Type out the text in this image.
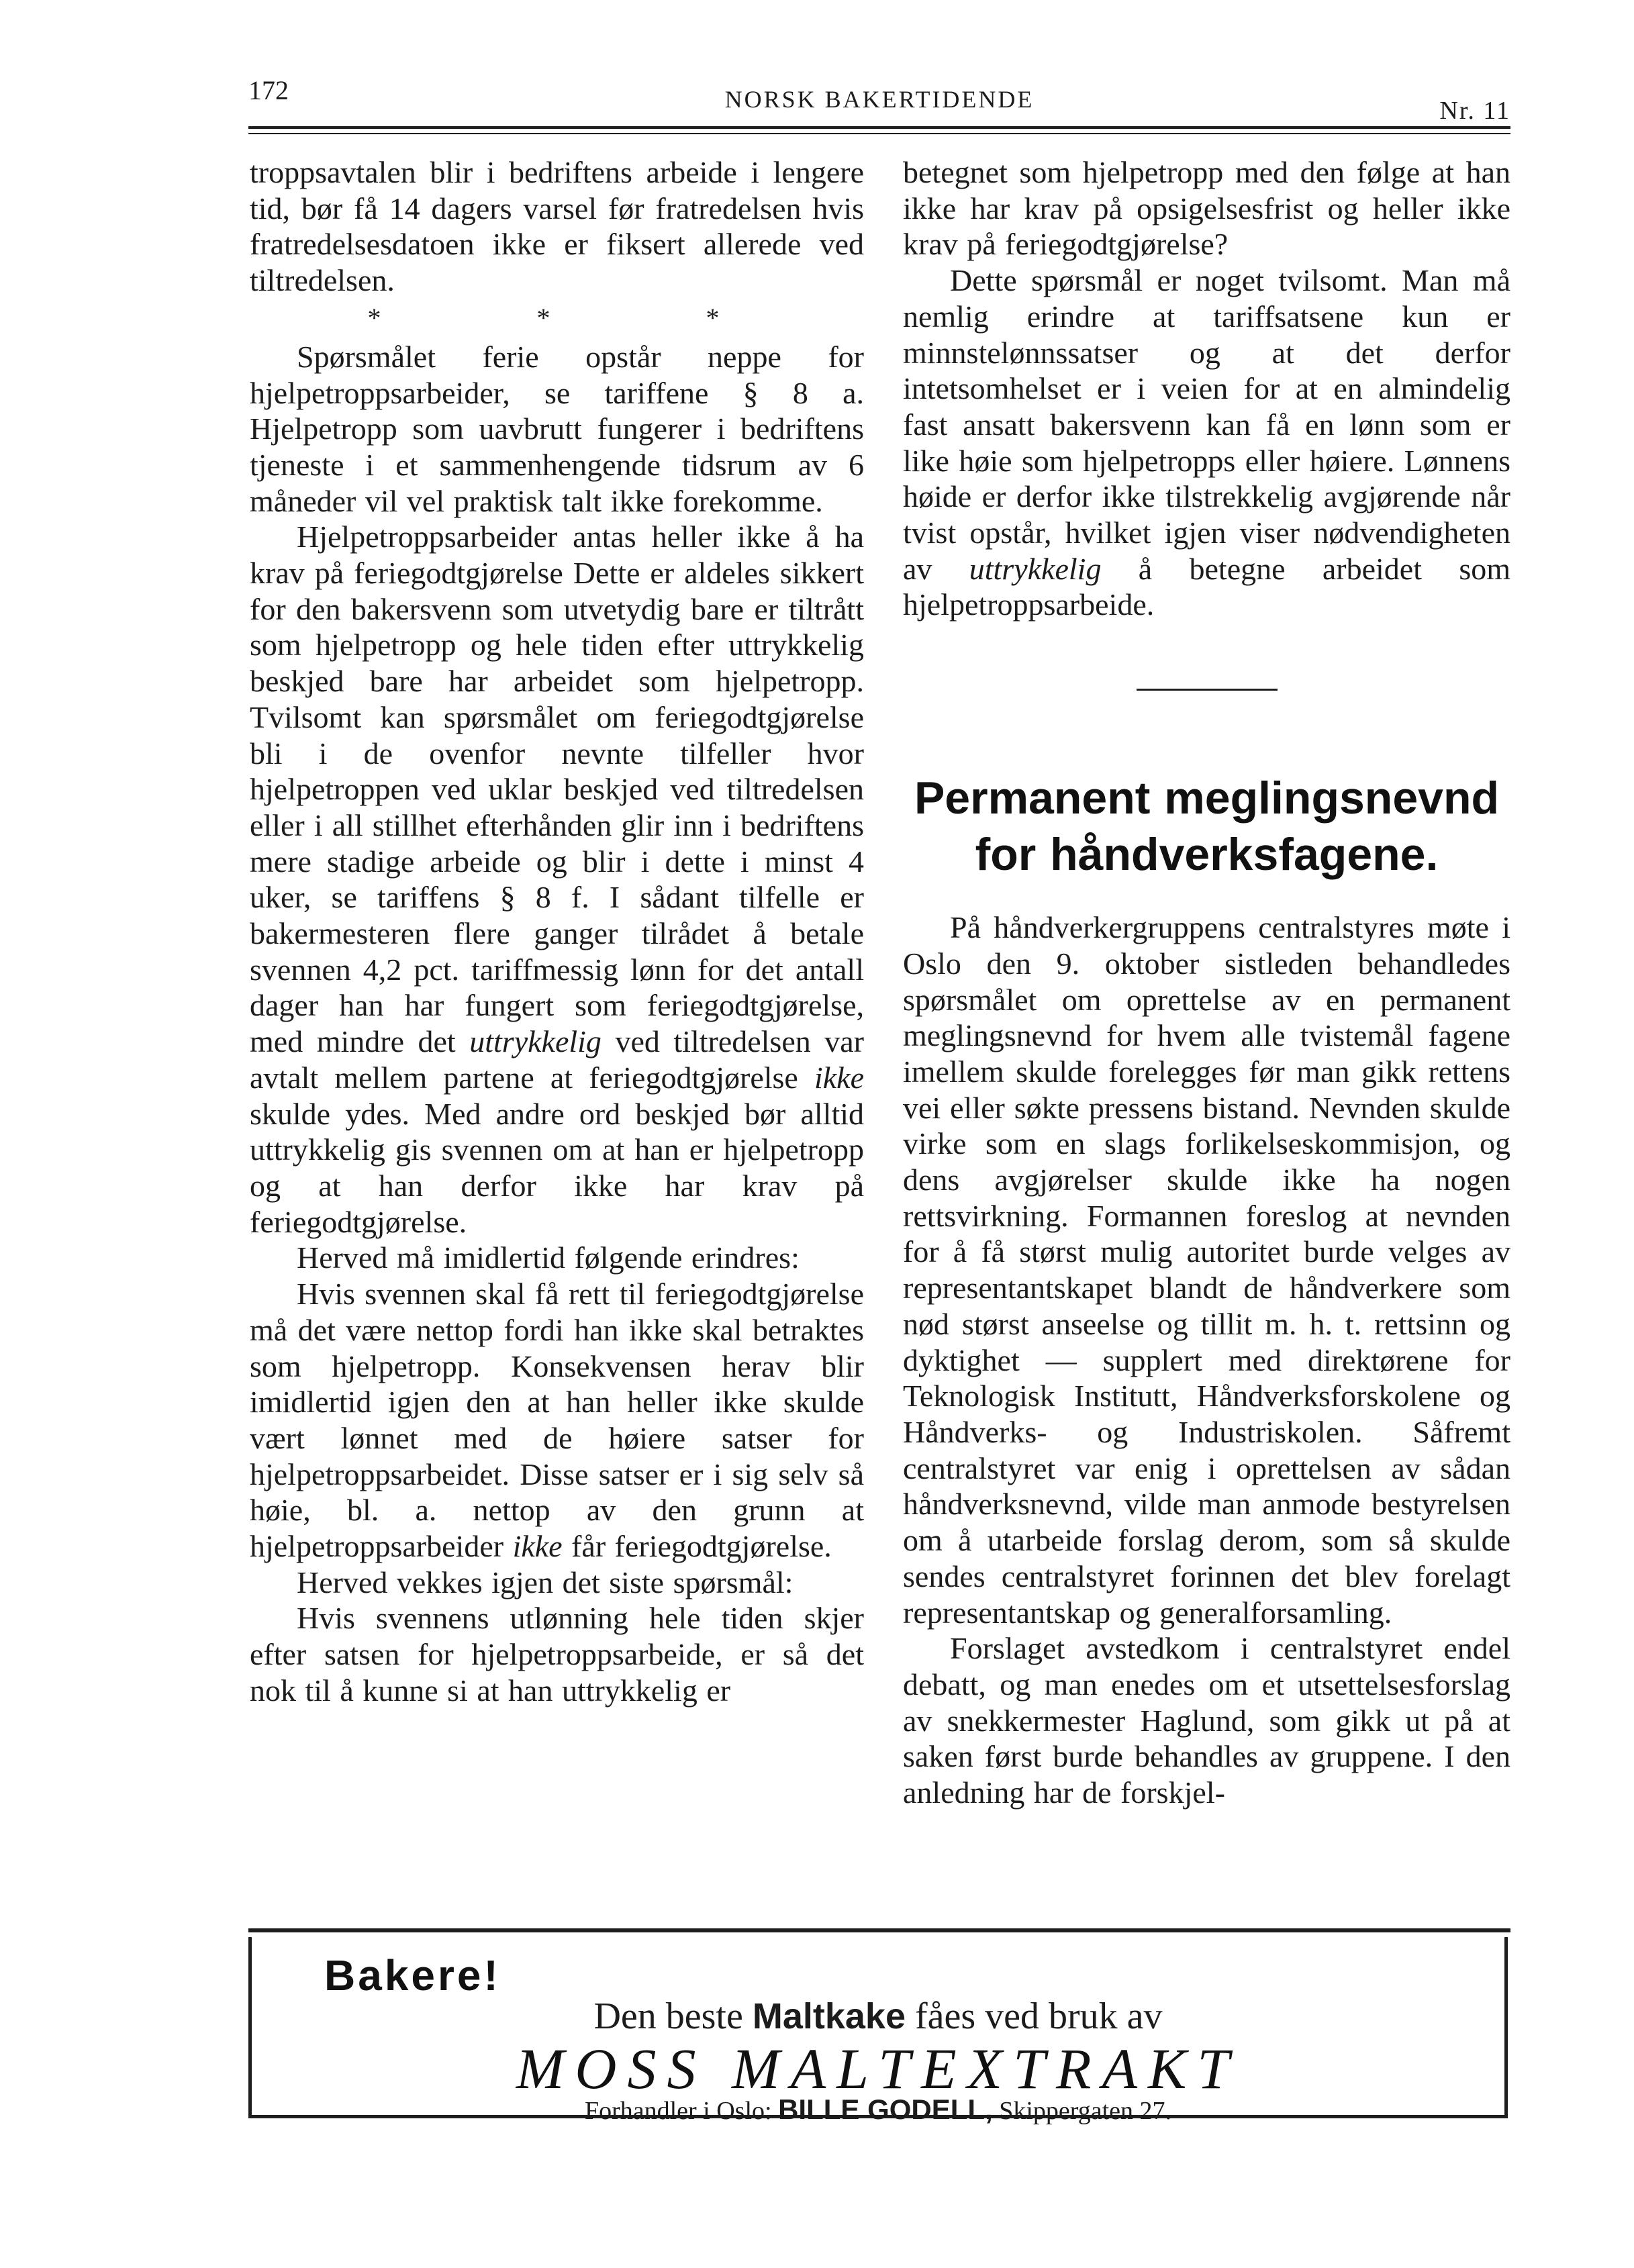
172	NORSK BAKERTIDENDE	Nr. 11

troppsavtalen blir i bedriftens arbeide i lengere tid, bør få 14 dagers varsel før fratredelsen hvis fratredelsesdatoen ikke er fiksert allerede ved tiltredelsen.

* * *

Spørsmålet ferie opstår neppe for hjelpetroppsarbeider, se tariffene § 8 a. Hjelpetropp som uavbrutt fungerer i bedriftens tjeneste i et sammenhengende tidsrum av 6 måneder vil vel praktisk talt ikke forekomme.

Hjelpetroppsarbeider antas heller ikke å ha krav på feriegodtgjørelse Dette er aldeles sikkert for den bakersvenn som utvetydig bare er tiltrått som hjelpetropp og hele tiden efter uttrykkelig beskjed bare har arbeidet som hjelpetropp. Tvilsomt kan spørsmålet om feriegodtgjørelse bli i de ovenfor nevnte tilfeller hvor hjelpetroppen ved uklar beskjed ved tiltredelsen eller i all stillhet efterhånden glir inn i bedriftens mere stadige arbeide og blir i dette i minst 4 uker, se tariffens § 8 f. I sådant tilfelle er bakermesteren flere ganger tilrådet å betale svennen 4,2 pct. tariffmessig lønn for det antall dager han har fungert som feriegodtgjørelse, med mindre det uttrykkelig ved tiltredelsen var avtalt mellem partene at feriegodtgjørelse ikke skulde ydes. Med andre ord beskjed bør alltid uttrykkelig gis svennen om at han er hjelpetropp og at han derfor ikke har krav på feriegodtgjørelse.

Herved må imidlertid følgende erindres:

Hvis svennen skal få rett til feriegodtgjørelse må det være nettop fordi han ikke skal betraktes som hjelpetropp. Konsekvensen herav blir imidlertid igjen den at han heller ikke skulde vært lønnet med de høiere satser for hjelpetroppsarbeidet. Disse satser er i sig selv så høie, bl. a. nettop av den grunn at hjelpetroppsarbeider ikke får feriegodtgjørelse.

Herved vekkes igjen det siste spørsmål:

Hvis svennens utlønning hele tiden skjer efter satsen for hjelpetroppsarbeide, er så det nok til å kunne si at han uttrykkelig er

betegnet som hjelpetropp med den følge at han ikke har krav på opsigelsesfrist og heller ikke krav på feriegodtgjørelse?

Dette spørsmål er noget tvilsomt. Man må nemlig erindre at tariffsatsene kun er minnstelønnssatser og at det derfor intetsomhelset er i veien for at en almindelig fast ansatt bakersvenn kan få en lønn som er like høie som hjelpetropps eller høiere. Lønnens høide er derfor ikke tilstrekkelig avgjørende når tvist opstår, hvilket igjen viser nødvendigheten av uttrykkelig å betegne arbeidet som hjelpetroppsarbeide.

Permanent meglingsnevnd for håndverksfagene.

På håndverkergruppens centralstyres møte i Oslo den 9. oktober sistleden behandledes spørsmålet om oprettelse av en permanent meglingsnevnd for hvem alle tvistemål fagene imellem skulde forelegges før man gikk rettens vei eller søkte pressens bistand. Nevnden skulde virke som en slags forlikelseskommisjon, og dens avgjørelser skulde ikke ha nogen rettsvirkning. Formannen foreslog at nevnden for å få størst mulig autoritet burde velges av representantskapet blandt de håndverkere som nød størst anseelse og tillit m. h. t. rettsinn og dyktighet — supplert med direktørene for Teknologisk Institutt, Håndverksforskolene og Håndverks- og Industriskolen. Såfremt centralstyret var enig i oprettelsen av sådan håndverksnevnd, vilde man anmode bestyrelsen om å utarbeide forslag derom, som så skulde sendes centralstyret forinnen det blev forelagt representantskap og generalforsamling.

Forslaget avstedkom i centralstyret endel debatt, og man enedes om et utsettelsesforslag av snekkermester Haglund, som gikk ut på at saken først burde behandles av gruppene. I den anledning har de forskjel-

Bakere!
Den beste Maltkake fåes ved bruk av
MOSS MALTEXTRAKT
Forhandler i Oslo: BILLE GODELL, Skippergaten 27.
